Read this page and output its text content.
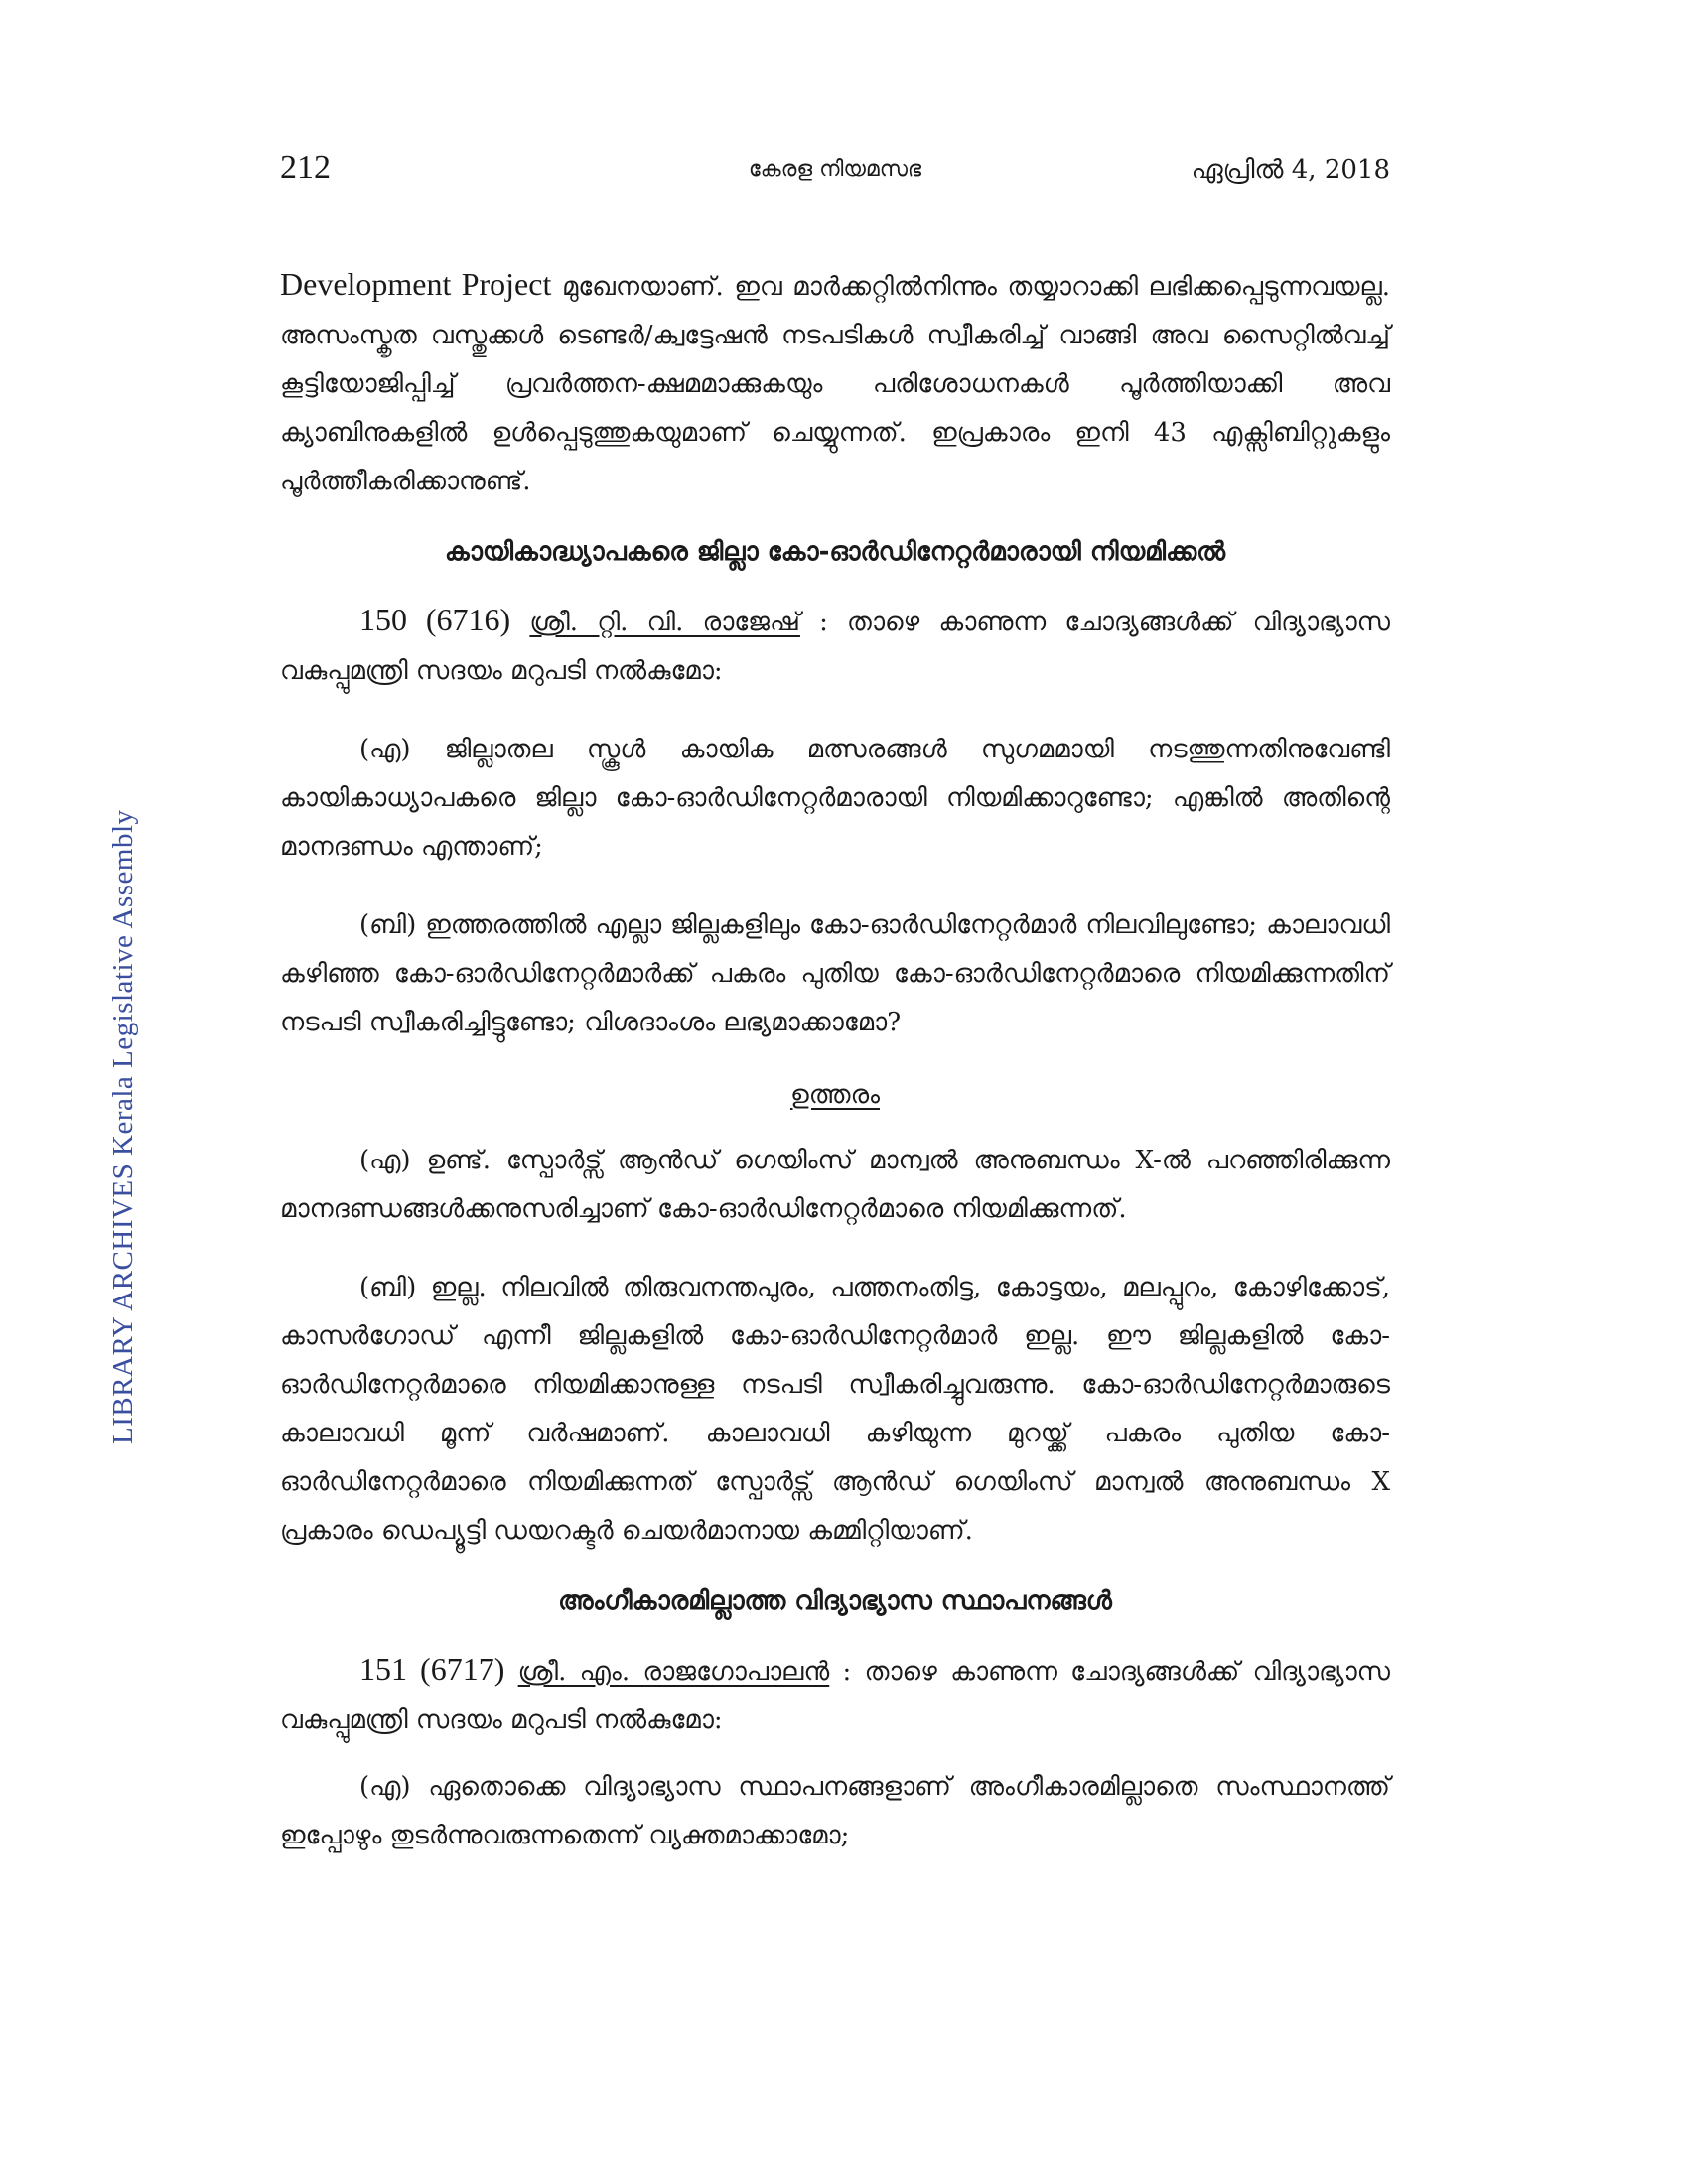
212	കേരള നിയമസഭ	ഏപ്രിൽ 4, 2018
LIBRARY ARCHIVES Kerala Legislative Assembly

Development Project മുഖേനയാണ്. ഇവ മാർക്കറ്റിൽനിന്നും തയ്യാറാക്കി ലഭിക്കപ്പെടുന്നവയല്ല. അസംസ്കൃത വസ്തുക്കൾ ടെണ്ടർ/ക്വട്ടേഷൻ നടപടികൾ സ്വീകരിച്ച് വാങ്ങി അവ സൈറ്റിൽവച്ച് കൂട്ടിയോജിപ്പിച്ച് പ്രവർത്തന-ക്ഷമമാക്കുകയും പരിശോധനകൾ പൂർത്തിയാക്കി അവ ക്യാബിനുകളിൽ ഉൾപ്പെടുത്തുകയുമാണ് ചെയ്യുന്നത്. ഇപ്രകാരം ഇനി 43 എക്സിബിറ്റുകളും പൂർത്തീകരിക്കാനുണ്ട്.

കായികാദ്ധ്യാപകരെ ജില്ലാ കോ-ഓർഡിനേറ്റർമാരായി നിയമിക്കൽ

150 (6716) ശ്രീ. റ്റി. വി. രാജേഷ് : താഴെ കാണുന്ന ചോദ്യങ്ങൾക്ക് വിദ്യാഭ്യാസ വകുപ്പുമന്ത്രി സദയം മറുപടി നൽകുമോ:

(എ) ജില്ലാതല സ്കൂൾ കായിക മത്സരങ്ങൾ സുഗമമായി നടത്തുന്നതിനുവേണ്ടി കായികാധ്യാപകരെ ജില്ലാ കോ-ഓർഡിനേറ്റർമാരായി നിയമിക്കാറുണ്ടോ; എങ്കിൽ അതിന്റെ മാനദണ്ഡം എന്താണ്;

(ബി) ഇത്തരത്തിൽ എല്ലാ ജില്ലകളിലും കോ-ഓർഡിനേറ്റർമാർ നിലവിലുണ്ടോ; കാലാവധി കഴിഞ്ഞ കോ-ഓർഡിനേറ്റർമാർക്ക് പകരം പുതിയ കോ-ഓർഡിനേറ്റർമാരെ നിയമിക്കുന്നതിന് നടപടി സ്വീകരിച്ചിട്ടുണ്ടോ; വിശദാംശം ലഭ്യമാക്കാമോ?

ഉത്തരം

(എ) ഉണ്ട്. സ്പോർട്സ് ആൻഡ് ഗെയിംസ് മാന്വൽ അനുബന്ധം X-ൽ പറഞ്ഞിരിക്കുന്ന മാനദണ്ഡങ്ങൾക്കനുസരിച്ചാണ് കോ-ഓർഡിനേറ്റർമാരെ നിയമിക്കുന്നത്.

(ബി) ഇല്ല. നിലവിൽ തിരുവനന്തപുരം, പത്തനംതിട്ട, കോട്ടയം, മലപ്പുറം, കോഴിക്കോട്, കാസർഗോഡ് എന്നീ ജില്ലകളിൽ കോ-ഓർഡിനേറ്റർമാർ ഇല്ല. ഈ ജില്ലകളിൽ കോ-ഓർഡിനേറ്റർമാരെ നിയമിക്കാനുള്ള നടപടി സ്വീകരിച്ചുവരുന്നു. കോ-ഓർഡിനേറ്റർമാരുടെ കാലാവധി മൂന്ന് വർഷമാണ്. കാലാവധി കഴിയുന്ന മുറയ്ക്ക് പകരം പുതിയ കോ-ഓർഡിനേറ്റർമാരെ നിയമിക്കുന്നത് സ്പോർട്സ് ആൻഡ് ഗെയിംസ് മാന്വൽ അനുബന്ധം X പ്രകാരം ഡെപ്യൂട്ടി ഡയറക്ടർ ചെയർമാനായ കമ്മിറ്റിയാണ്.

അംഗീകാരമില്ലാത്ത വിദ്യാഭ്യാസ സ്ഥാപനങ്ങൾ

151 (6717) ശ്രീ. എം. രാജഗോപാലൻ : താഴെ കാണുന്ന ചോദ്യങ്ങൾക്ക് വിദ്യാഭ്യാസ വകുപ്പുമന്ത്രി സദയം മറുപടി നൽകുമോ:

(എ) ഏതൊക്കെ വിദ്യാഭ്യാസ സ്ഥാപനങ്ങളാണ് അംഗീകാരമില്ലാതെ സംസ്ഥാനത്ത് ഇപ്പോഴും തുടർന്നുവരുന്നതെന്ന് വ്യക്തമാക്കാമോ;
